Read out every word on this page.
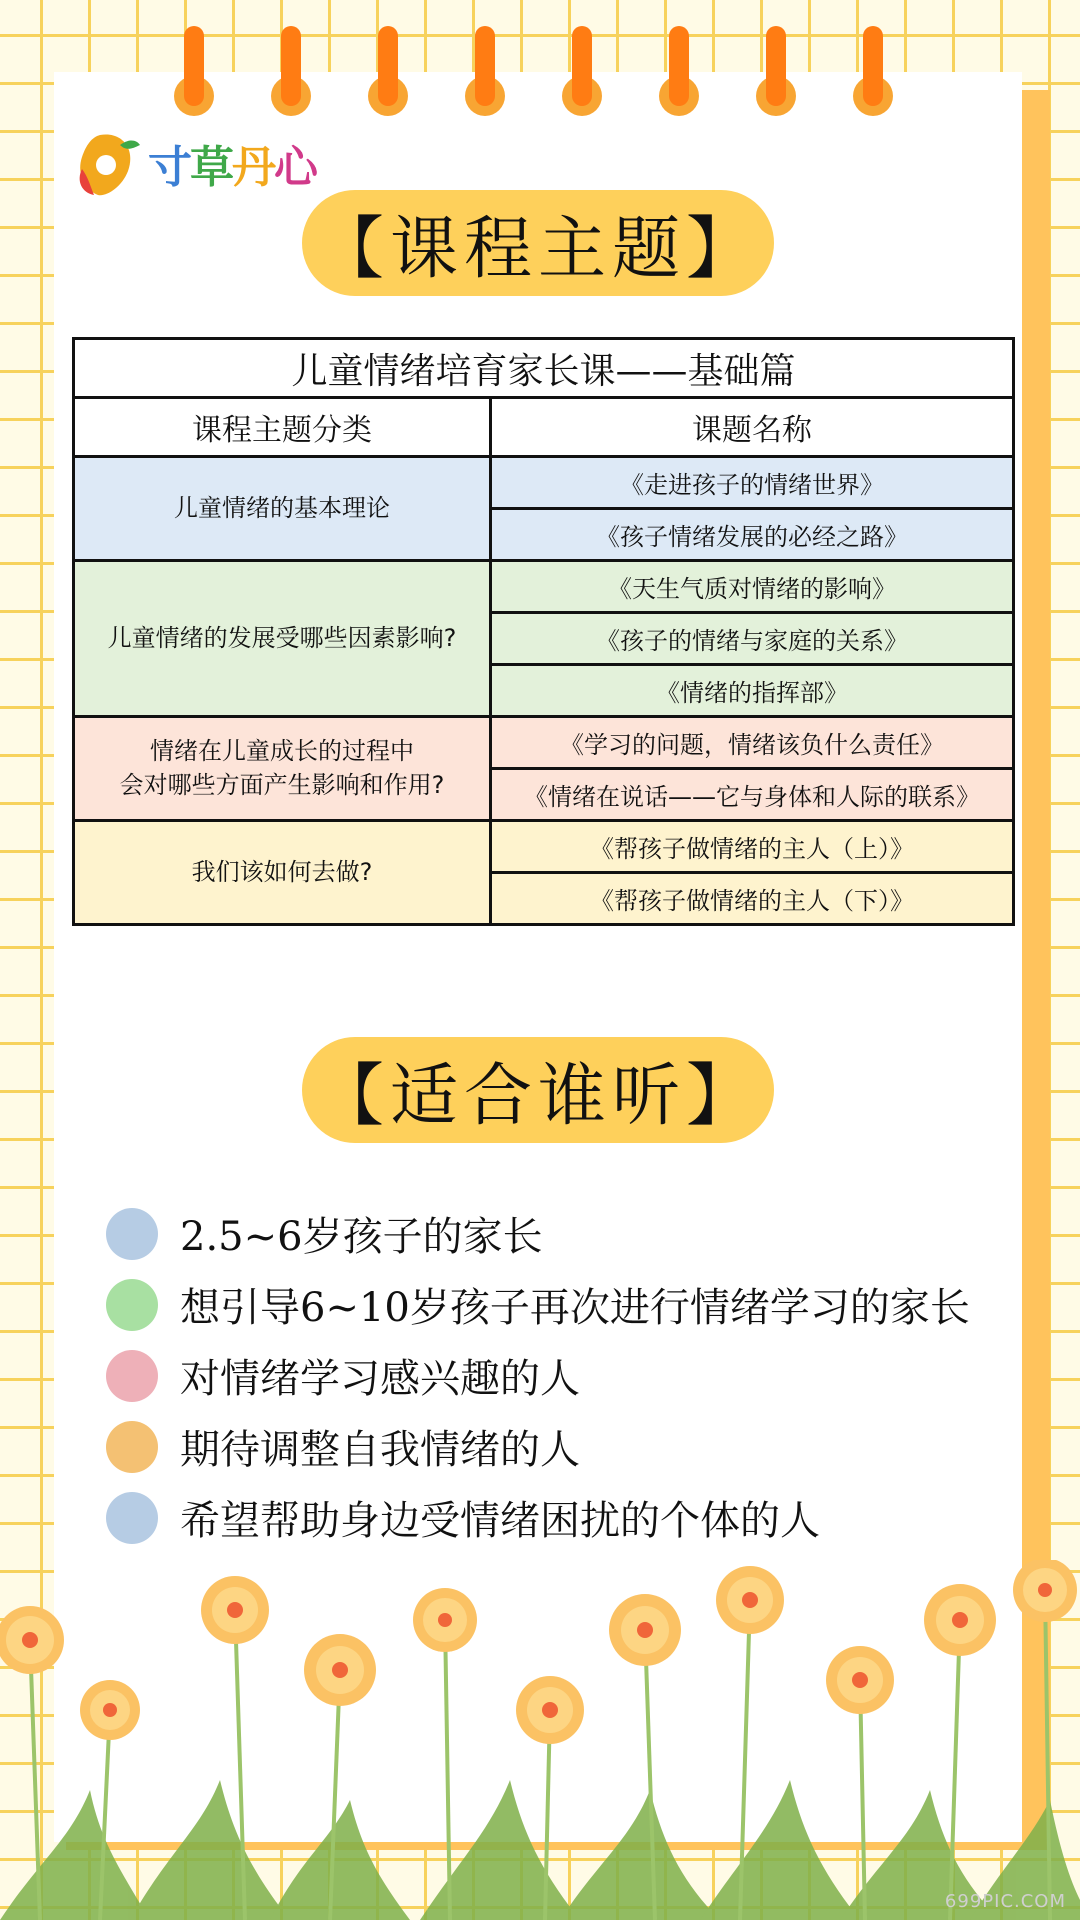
寸草丹心
【课程主题】
儿童情绪培育家长课——基础篇	
课程主题分类	课题名称
儿童情绪的基本理论	《走进孩子的情绪世界》
	《孩子情绪发展的必经之路》
儿童情绪的发展受哪些因素影响?	《天生气质对情绪的影响》
	《孩子的情绪与家庭的关系》
	《情绪的指挥部》

情绪在儿童成长的过程中
会对哪些方面产生影响和作用?	《学习的问题，情绪该负什么责任》
	《情绪在说话——它与身体和人际的联系》
我们该如何去做?	《帮孩子做情绪的主人（上）》
	《帮孩子做情绪的主人（下）》
【适合谁听】
2.5~6岁孩子的家长
想引导6~10岁孩子再次进行情绪学习的家长
对情绪学习感兴趣的人
期待调整自我情绪的人
希望帮助身边受情绪困扰的个体的人
699PIC.COM
